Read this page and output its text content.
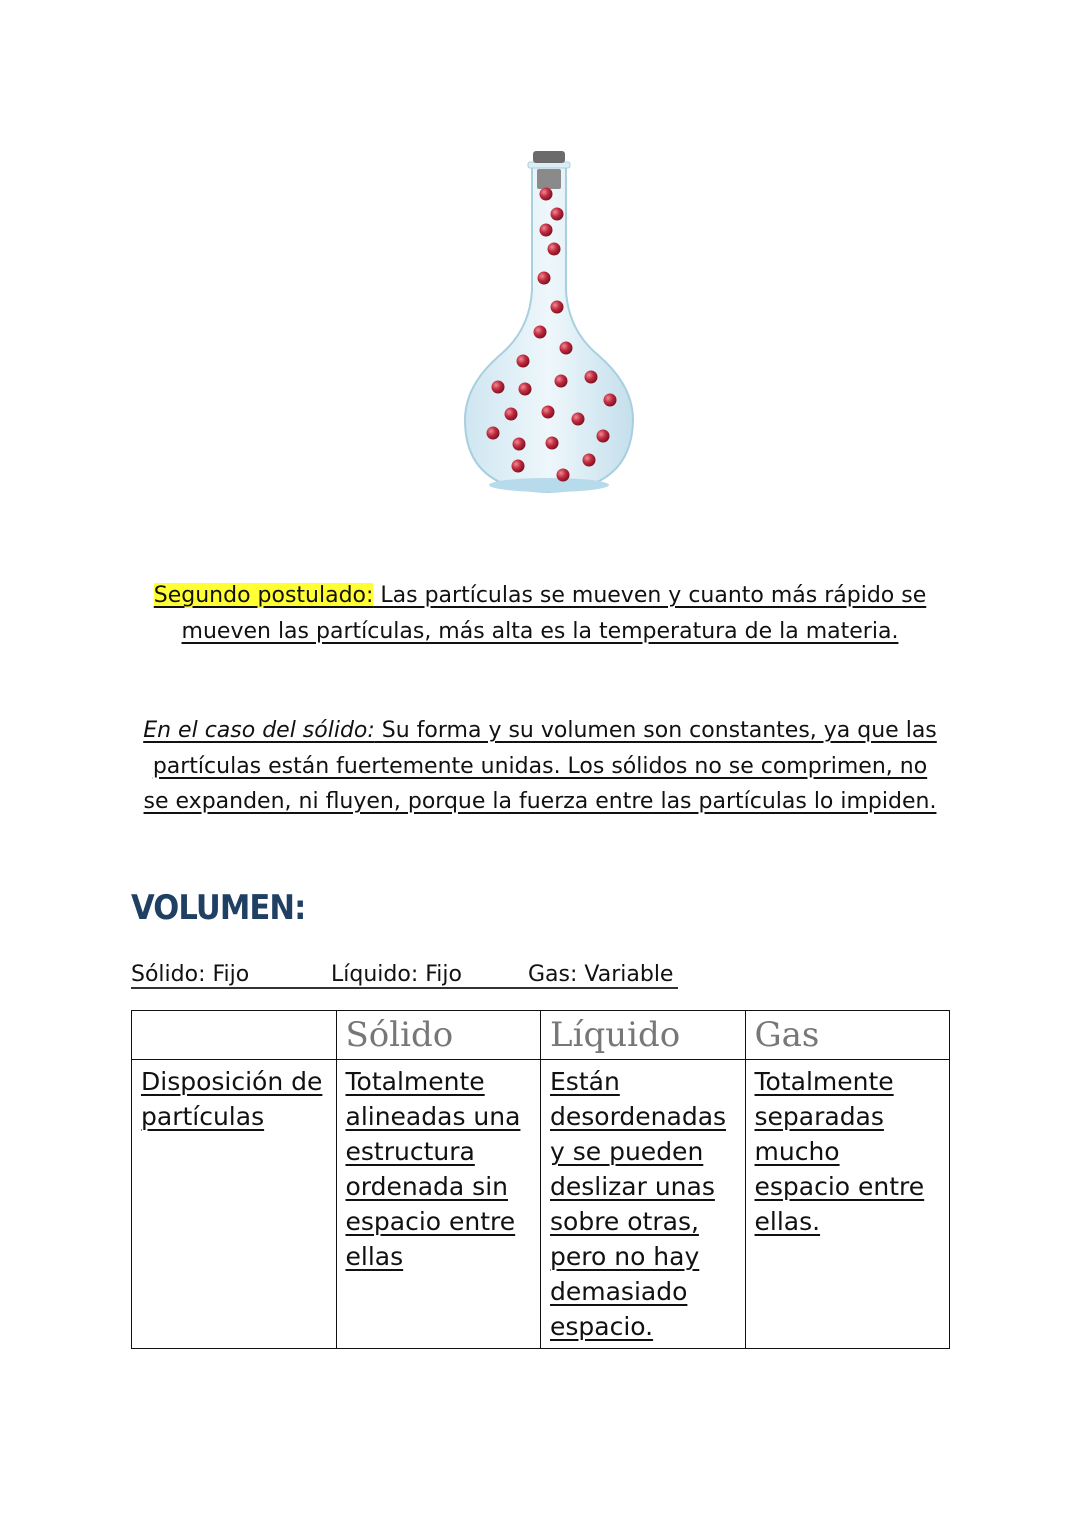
Segundo postulado: Las partículas se mueven y cuanto más rápido se
mueven las partículas, más alta es la temperatura de la materia.
En el caso del sólido: Su forma y su volumen son constantes, ya que las
partículas están fuertemente unidas. Los sólidos no se comprimen, no
se expanden, ni fluyen, porque la fuerza entre las partículas lo impiden.
VOLUMEN:
Sólido: Fijo	Líquido: Fijo	Gas: Variable
	Sólido	Líquido	Gas
Disposición de partículas	Totalmente alineadas una estructura ordenada sin espacio entre ellas	Están desordenadas y se pueden deslizar unas sobre otras, pero no hay demasiado espacio.	Totalmente separadas mucho espacio entre ellas.
